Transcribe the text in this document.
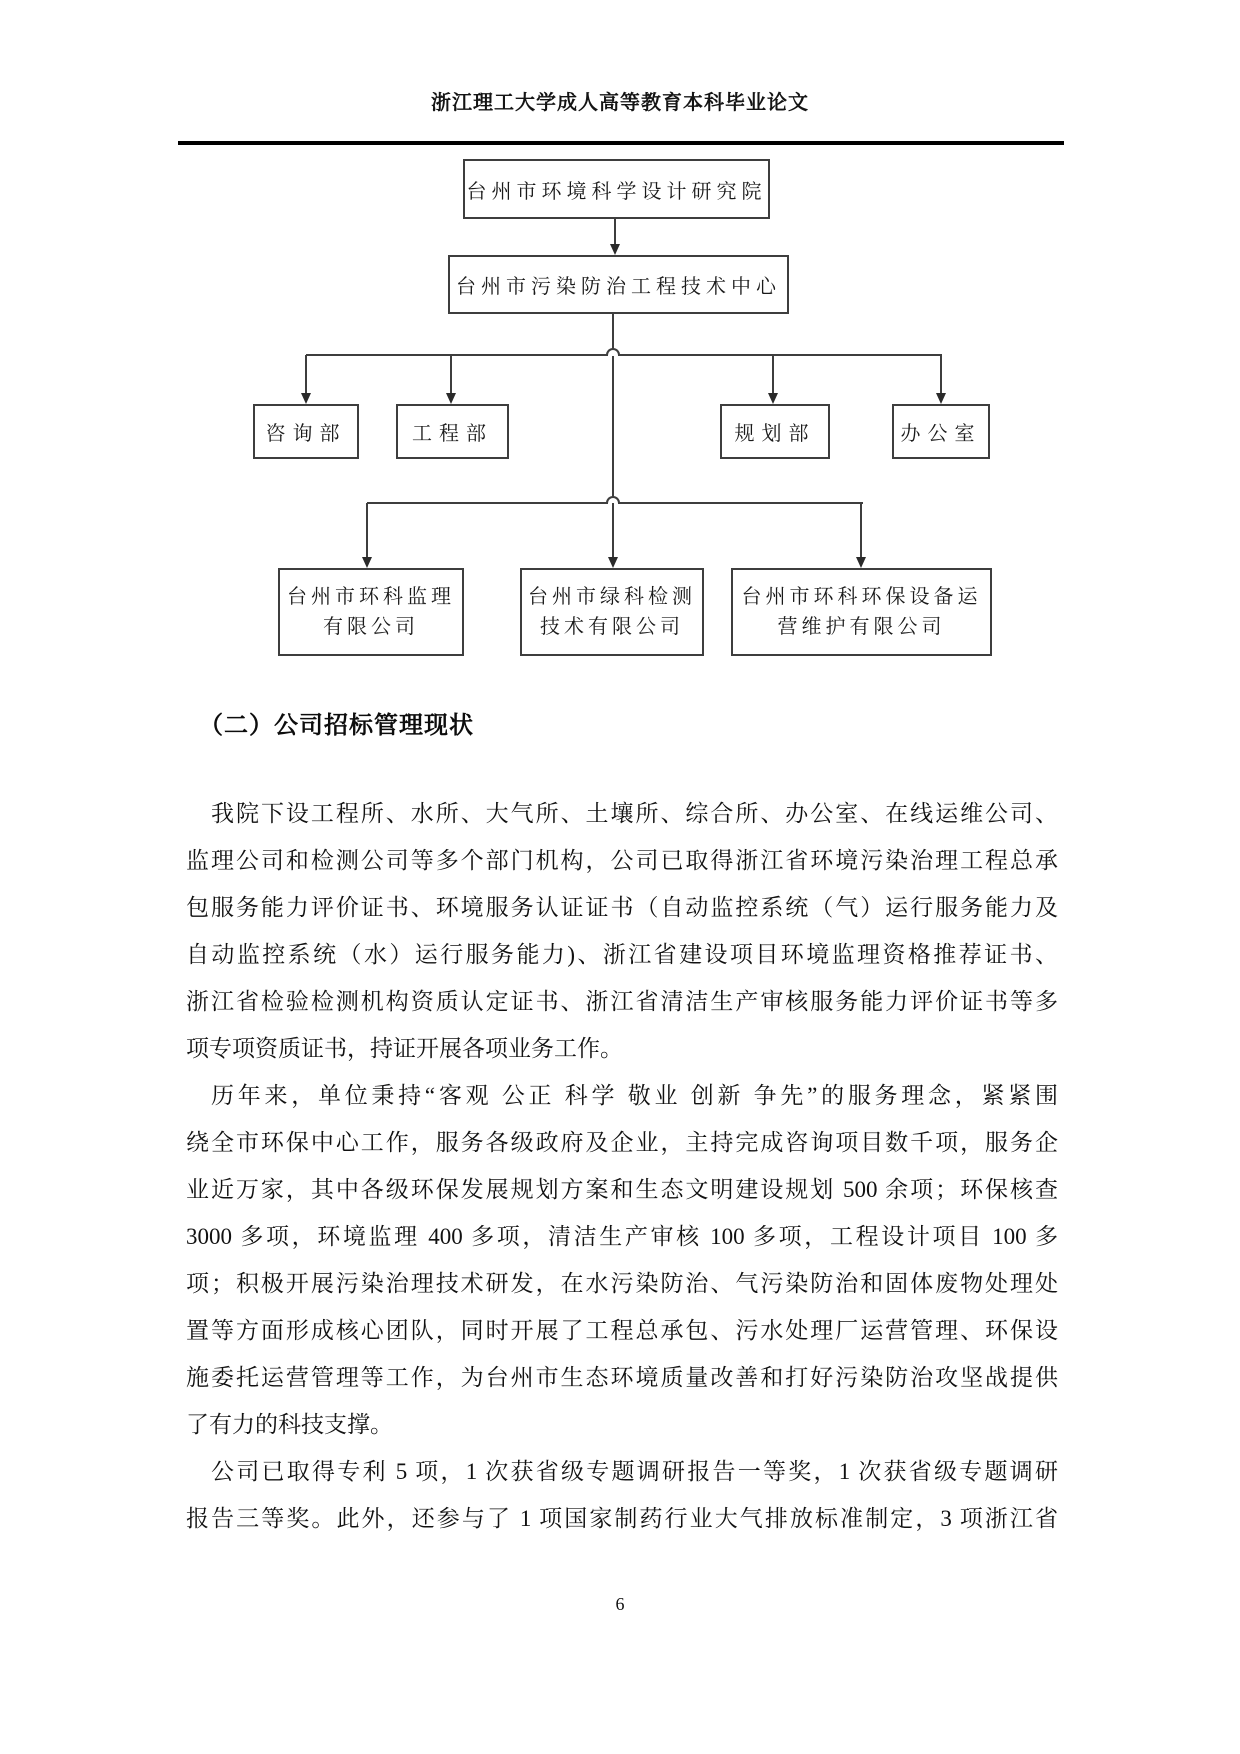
浙江理工大学成人高等教育本科毕业论文
台州市环境科学设计研究院
台州市污染防治工程技术中心
咨询部	工程部	规划部	办公室
台州市环科监理
有限公司
台州市绿科检测
技术有限公司
台州市环科环保设备运
营维护有限公司
（二）公司招标管理现状
我院下设工程所、水所、大气所、土壤所、综合所、办公室、在线运维公司、
监理公司和检测公司等多个部门机构，公司已取得浙江省环境污染治理工程总承
包服务能力评价证书、环境服务认证证书（自动监控系统（气）运行服务能力及
自动监控系统（水）运行服务能力)、浙江省建设项目环境监理资格推荐证书、
浙江省检验检测机构资质认定证书、浙江省清洁生产审核服务能力评价证书等多
项专项资质证书，持证开展各项业务工作。
历年来，单位秉持“客观 公正 科学 敬业 创新 争先”的服务理念，紧紧围
绕全市环保中心工作，服务各级政府及企业，主持完成咨询项目数千项，服务企
业近万家，其中各级环保发展规划方案和生态文明建设规划 500 余项；环保核查
3000 多项，环境监理 400 多项，清洁生产审核 100 多项，工程设计项目 100 多
项；积极开展污染治理技术研发，在水污染防治、气污染防治和固体废物处理处
置等方面形成核心团队，同时开展了工程总承包、污水处理厂运营管理、环保设
施委托运营管理等工作，为台州市生态环境质量改善和打好污染防治攻坚战提供
了有力的科技支撑。
公司已取得专利 5 项，1 次获省级专题调研报告一等奖，1 次获省级专题调研
报告三等奖。此外，还参与了 1 项国家制药行业大气排放标准制定，3 项浙江省
6
